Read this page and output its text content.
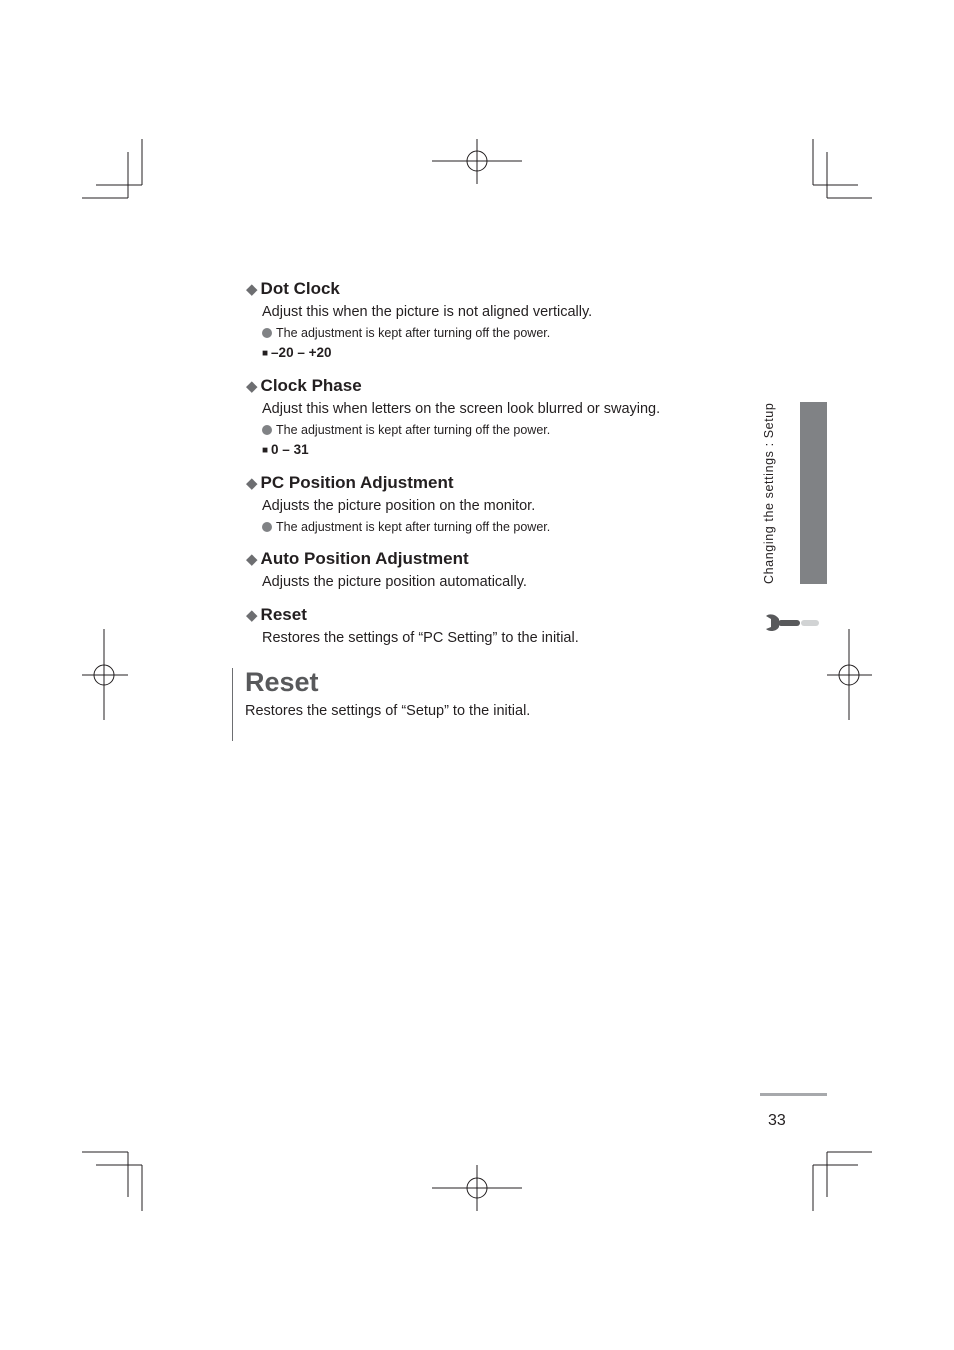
◆ Dot Clock
Adjust this when the picture is not aligned vertically.
The adjustment is kept after turning off the power.
■ –20 – +20
◆ Clock Phase
Adjust this when letters on the screen look blurred or swaying.
The adjustment is kept after turning off the power.
■ 0 – 31
◆ PC Position Adjustment
Adjusts the picture position on the monitor.
The adjustment is kept after turning off the power.
◆ Auto Position Adjustment
Adjusts the picture position automatically.
◆ Reset
Restores the settings of “PC Setting” to the initial.
Reset
Restores the settings of “Setup” to the initial.
Changing the settings : Setup
33
